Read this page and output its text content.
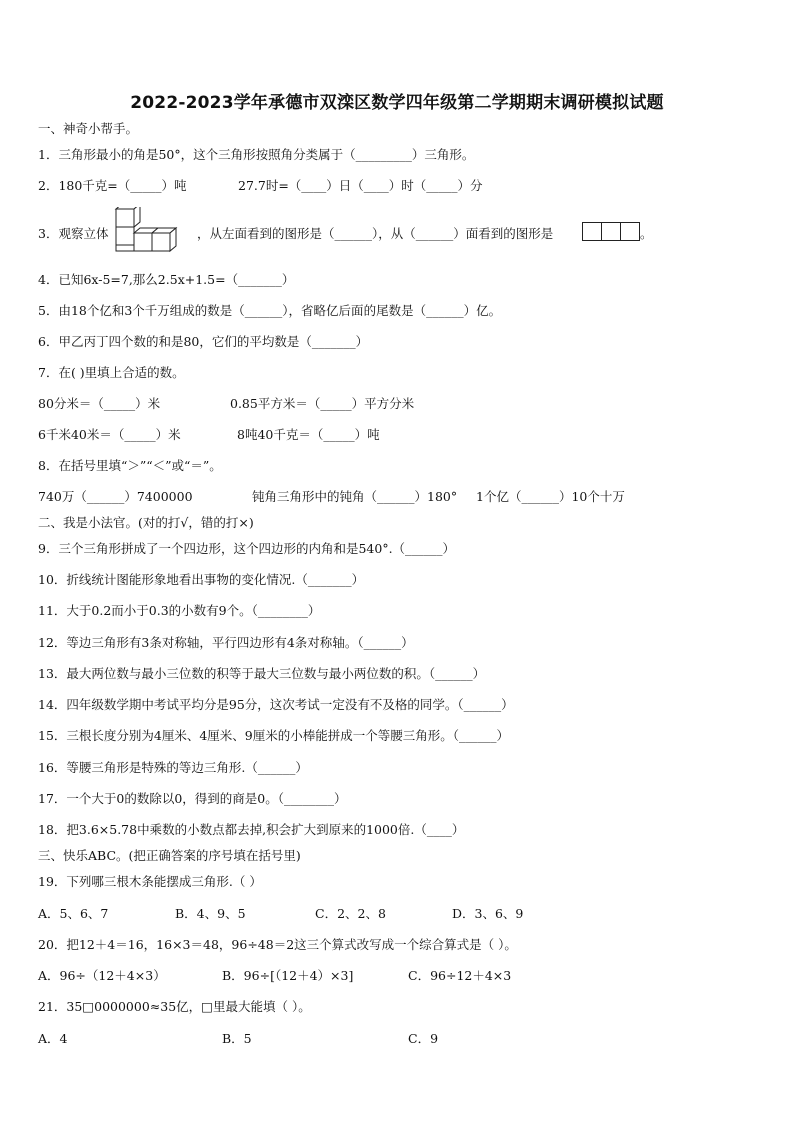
2022-2023学年承德市双滦区数学四年级第二学期期末调研模拟试题
一、神奇小帮手。
1．三角形最小的角是50°，这个三角形按照角分类属于（_________）三角形。
2．180千克=（_____）吨	27.7时=（____）日（____）时（_____）分
3．观察立体	，从左面看到的图形是（______），从（______）面看到的图形是	。
4．已知6x-5=7,那么2.5x+1.5=（_______）
5．由18个亿和3个千万组成的数是（______），省略亿后面的尾数是（______）亿。
6．甲乙丙丁四个数的和是80，它们的平均数是（_______）
7．在( )里填上合适的数。
80分米＝（_____）米	0.85平方米＝（_____）平方分米
6千米40米＝（_____）米	8吨40千克＝（_____）吨
8．在括号里填“＞”“＜”或“＝”。
740万（______）7400000	钝角三角形中的钝角（______）180° 1个亿（______）10个十万
二、我是小法官。(对的打√，错的打×)
9．三个三角形拼成了一个四边形，这个四边形的内角和是540°.（______）
10．折线统计图能形象地看出事物的变化情况.（_______）
11．大于0.2而小于0.3的小数有9个。（________）
12．等边三角形有3条对称轴，平行四边形有4条对称轴。（______）
13．最大两位数与最小三位数的积等于最大三位数与最小两位数的积。（______）
14．四年级数学期中考试平均分是95分，这次考试一定没有不及格的同学。（______）
15．三根长度分别为4厘米、4厘米、9厘米的小棒能拼成一个等腰三角形。（______）
16．等腰三角形是特殊的等边三角形.（______）
17．一个大于0的数除以0，得到的商是0。（________）
18．把3.6×5.78中乘数的小数点都去掉,积会扩大到原来的1000倍.（____）
三、快乐ABC。(把正确答案的序号填在括号里)
19．下列哪三根木条能摆成三角形.（ ）
A．5、6、7	B．4、9、5	C．2、2、8	D．3、6、9
20．把12＋4＝16，16×3＝48，96÷48＝2这三个算式改写成一个综合算式是（ ）。
A．96÷（12＋4×3）	B．96÷[（12＋4）×3]	C．96÷12＋4×3
21．35□0000000≈35亿，□里最大能填（ ）。
A．4	B．5	C．9
